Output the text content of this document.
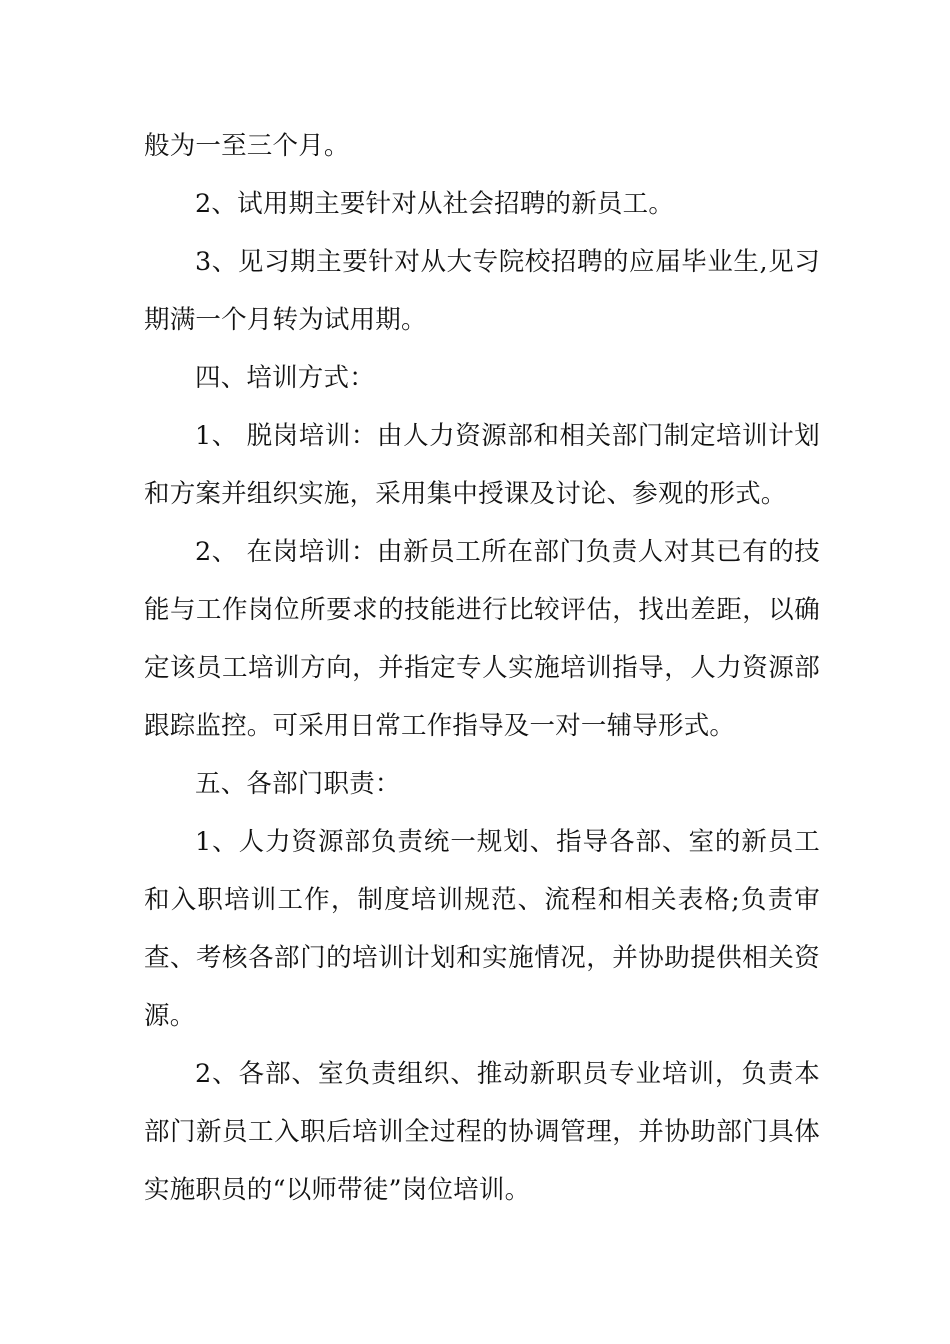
般为一至三个月。

2、试用期主要针对从社会招聘的新员工。

3、见习期主要针对从大专院校招聘的应届毕业生,见习期满一个月转为试用期。

四、培训方式：

1、 脱岗培训：由人力资源部和相关部门制定培训计划和方案并组织实施，采用集中授课及讨论、参观的形式。

2、 在岗培训：由新员工所在部门负责人对其已有的技能与工作岗位所要求的技能进行比较评估，找出差距，以确定该员工培训方向，并指定专人实施培训指导，人力资源部跟踪监控。可采用日常工作指导及一对一辅导形式。

五、各部门职责：

1、人力资源部负责统一规划、指导各部、室的新员工和入职培训工作，制度培训规范、流程和相关表格;负责审查、考核各部门的培训计划和实施情况，并协助提供相关资源。

2、各部、室负责组织、推动新职员专业培训，负责本部门新员工入职后培训全过程的协调管理，并协助部门具体实施职员的“以师带徒”岗位培训。
